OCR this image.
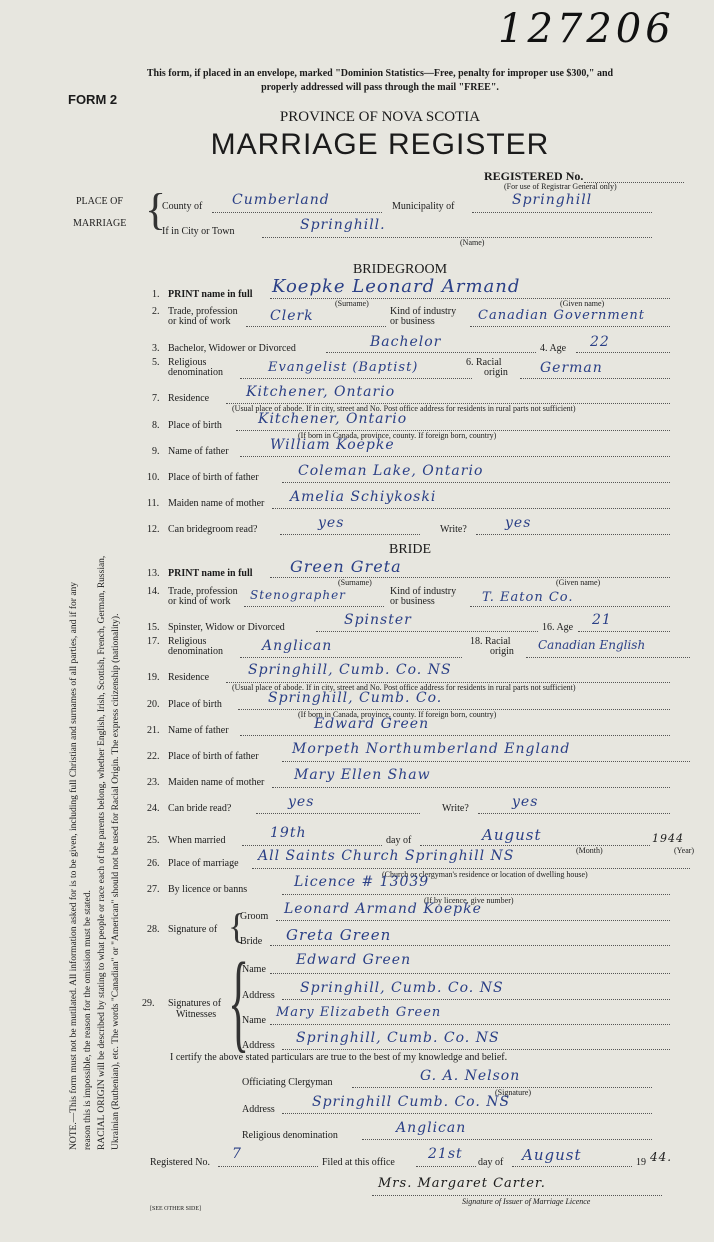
127206
This form, if placed in an envelope, marked "Dominion Statistics—Free, penalty for improper use $300," and
properly addressed will pass through the mail "FREE".
FORM 2
PROVINCE OF NOVA SCOTIA
MARRIAGE REGISTER
REGISTERED No.
(For use of Registrar General only)
PLACE OF
MARRIAGE {
County of Cumberland	Municipality of	Springhill
If in City or Town	Springhill.
(Name)
NOTE.—This form must not be mutilated. All information asked for is to be given, including full Christian and surnames of all parties, and if for any reason this is impossible, the reason for the omission must be stated. RACIAL ORIGIN will be described by stating to what people or race each of the parents belong, whether English, Irish, Scottish, French, German, Russian, Ukrainian (Ruthenian), etc. The words "Canadian" or "American" should not be used for Racial Origin. The express citizenship (nationality).
BRIDEGROOM
1. PRINT name in full Koepke Leonard Armand
(Surname)	(Given name)
2. Trade, profession
or kind of work	Clerk	Kind of industry
or business	Canadian Government
3. Bachelor, Widower or Divorced	Bachelor	4. Age 22
5. Religious
denomination	Evangelist (Baptist)	6. Racial
origin German
7. Residence	Kitchener, Ontario
(Usual place of abode. If in city, street and No. Post office address for residents in rural parts not sufficient)
8. Place of birth	Kitchener, Ontario
(If born in Canada, province, county. If foreign born, country)
9. Name of father	William Koepke
10. Place of birth of father	Coleman Lake, Ontario
11. Maiden name of mother Amelia Schiykoski
12. Can bridegroom read?	yes	Write?	yes
BRIDE
13. PRINT name in full Green Greta
(Surname)	(Given name)
14. Trade, profession
or kind of work Stenographer	Kind of industry
or business	T. Eaton Co.
15. Spinster, Widow or Divorced	Spinster	16. Age 21
17. Religious
denomination	Anglican	18. Racial
origin Canadian English
19. Residence	Springhill, Cumb. Co. NS
(Usual place of abode. If in city, street and No. Post office address for residents in rural parts not sufficient)
20. Place of birth	Springhill, Cumb. Co.
(If born in Canada, province, county. If foreign born, country)
21. Name of father	Edward Green
22. Place of birth of father Morpeth Northumberland England
23. Maiden name of mother Mary Ellen Shaw
24. Can bride read?	yes	Write?	yes
25. When married	19th	day of	August	1944
(Month)	(Year)
26. Place of marriage All Saints Church Springhill NS
(Church or clergyman's residence or location of dwelling house)
27. By licence or banns	Licence # 13039
(If by licence, give number)
28. Signature of {
Groom Leonard Armand Koepke
Bride Greta Green
{
29. Signatures of
Witnesses
Name
Edward Green
Address Springhill, Cumb. Co. NS
Name
Mary Elizabeth Green
Address Springhill, Cumb. Co. NS
I certify the above stated particulars are true to the best of my knowledge and belief.
Officiating Clergyman	G. A. Nelson
(Signature)
Address	Springhill Cumb. Co. NS
Religious denomination	Anglican
Registered No.
7
Filed at this office
21st
day of August	19 44.
Mrs. Margaret Carter.
Signature of Issuer of Marriage Licence
[SEE OTHER SIDE]
